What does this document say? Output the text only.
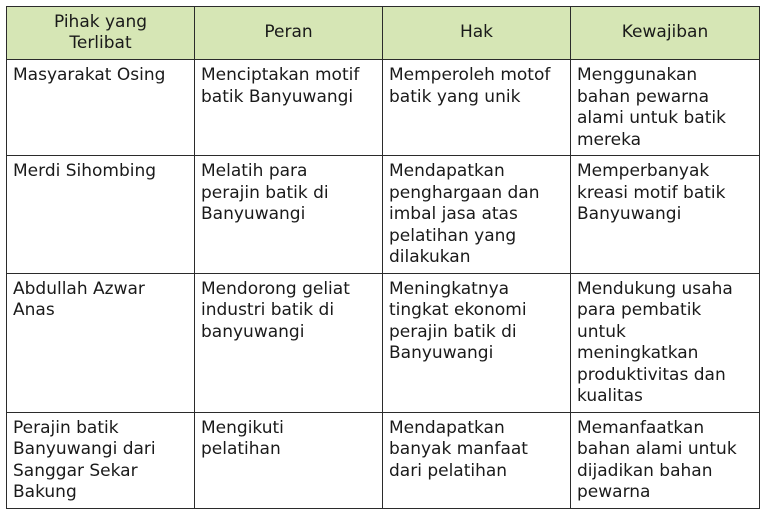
Pihak yang Terlibat	Peran	Hak	Kewajiban

Masyarakat Osing	Menciptakan motif batik Banyuwangi	Memperoleh motof batik yang unik	Menggunakan bahan pewarna alami untuk batik mereka

Merdi Sihombing	Melatih para perajin batik di Banyuwangi	Mendapatkan penghargaan dan imbal jasa atas pelatihan yang dilakukan	Memperbanyak kreasi motif batik Banyuwangi

Abdullah Azwar Anas	Mendorong geliat industri batik di banyuwangi	Meningkatnya tingkat ekonomi perajin batik di Banyuwangi	Mendukung usaha para pembatik untuk meningkatkan produktivitas dan kualitas

Perajin batik Banyuwangi dari Sanggar Sekar Bakung	Mengikuti pelatihan	Mendapatkan banyak manfaat dari pelatihan	Memanfaatkan bahan alami untuk dijadikan bahan pewarna
